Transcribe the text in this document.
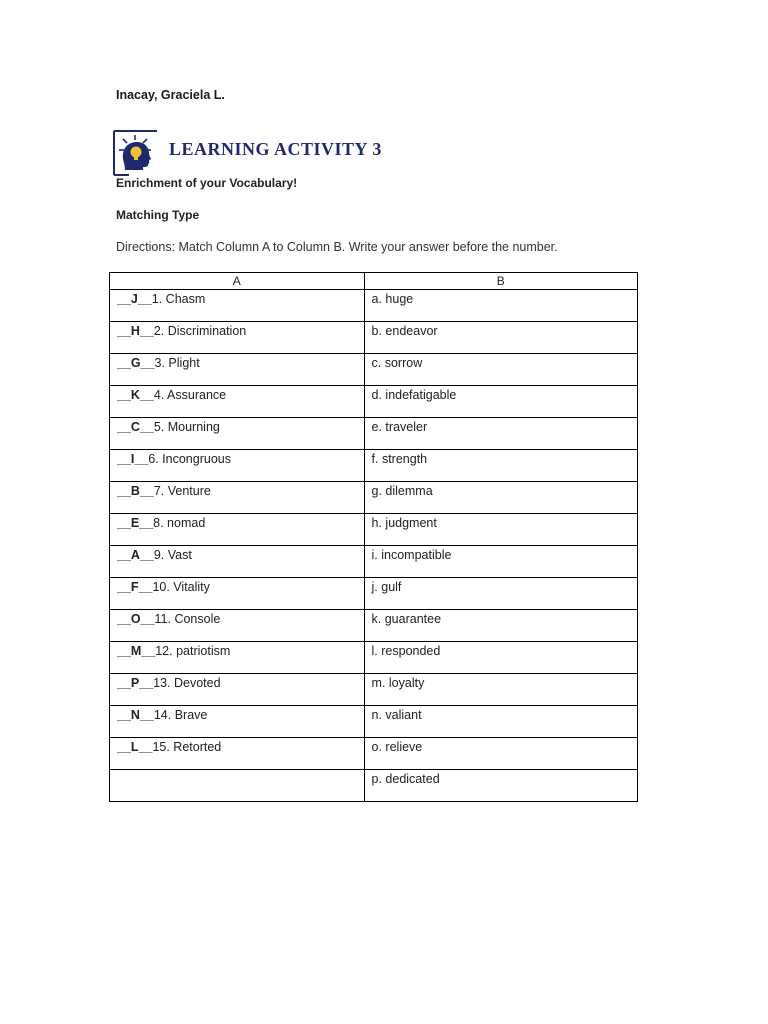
Inacay, Graciela L.
LEARNING ACTIVITY 3
Enrichment of your Vocabulary!
Matching Type
Directions: Match Column A to Column B. Write your answer before the number.
A	B
__J__1. Chasm	a. huge
__H__2. Discrimination	b. endeavor
__G__3. Plight	c. sorrow
__K__4. Assurance	d. indefatigable
__C__5. Mourning	e. traveler
__I__6. Incongruous	f. strength
__B__7. Venture	g. dilemma
__E__8. nomad	h. judgment
__A__9. Vast	i. incompatible
__F__10. Vitality	j. gulf
__O__11. Console	k. guarantee
__M__12. patriotism	l. responded
__P__13. Devoted	m. loyalty
__N__14. Brave	n. valiant
__L__15. Retorted	o. relieve
	p. dedicated
